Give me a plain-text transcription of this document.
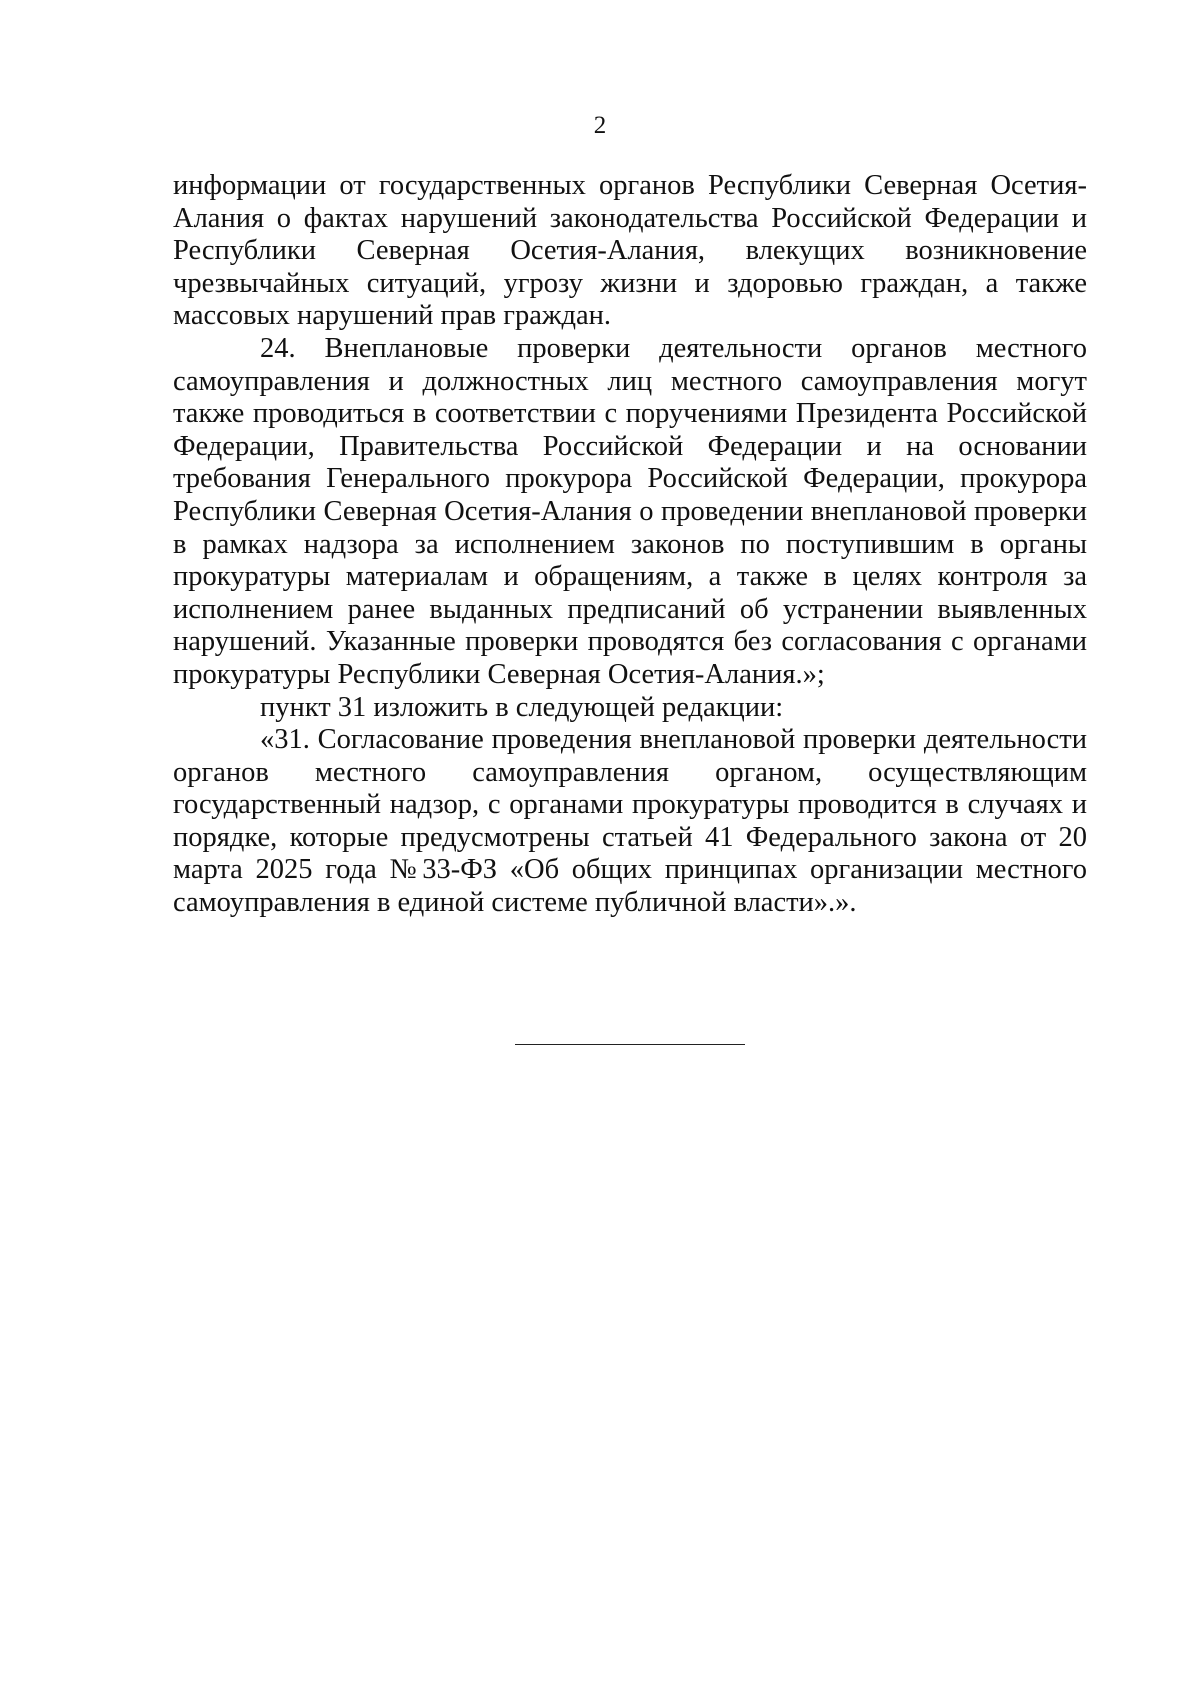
2

информации от государственных органов Республики Северная Осетия-Алания о фактах нарушений законодательства Российской Федерации и Республики Северная Осетия-Алания, влекущих возникновение чрезвычайных ситуаций, угрозу жизни и здоровью граждан, а также массовых нарушений прав граждан.

24. Внеплановые проверки деятельности органов местного самоуправления и должностных лиц местного самоуправления могут также проводиться в соответствии с поручениями Президента Российской Федерации, Правительства Российской Федерации и на основании требования Генерального прокурора Российской Федерации, прокурора Республики Северная Осетия-Алания о проведении внеплановой проверки в рамках надзора за исполнением законов по поступившим в органы прокуратуры материалам и обращениям, а также в целях контроля за исполнением ранее выданных предписаний об устранении выявленных нарушений. Указанные проверки проводятся без согласования с органами прокуратуры Республики Северная Осетия-Алания.»;

пункт 31 изложить в следующей редакции:

«31. Согласование проведения внеплановой проверки деятельности органов местного самоуправления органом, осуществляющим государственный надзор, с органами прокуратуры проводится в случаях и порядке, которые предусмотрены статьей 41 Федерального закона от 20 марта 2025 года №33-ФЗ «Об общих принципах организации местного самоуправления в единой системе публичной власти».».
